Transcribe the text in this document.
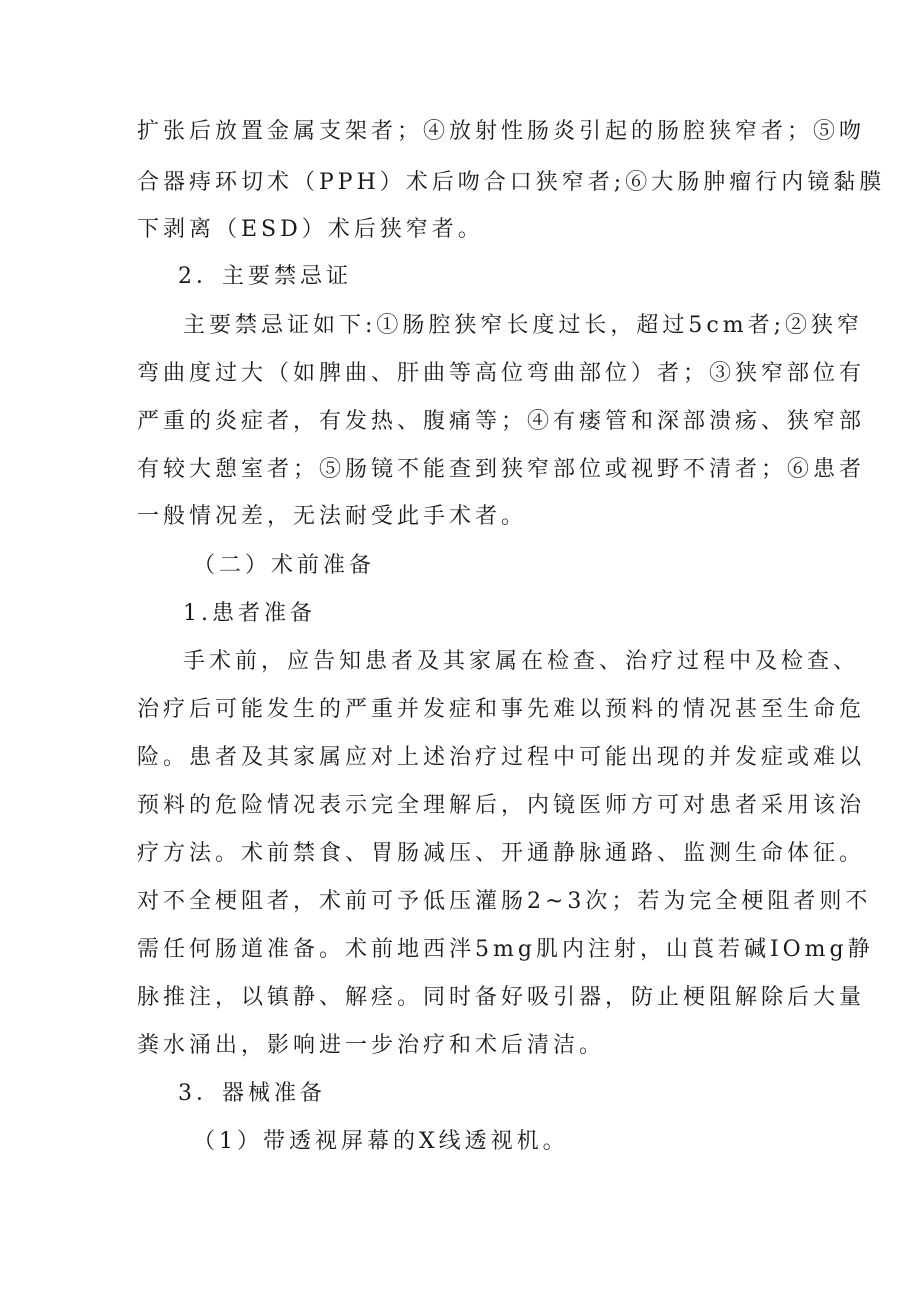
扩张后放置金属支架者；④放射性肠炎引起的肠腔狭窄者；⑤吻
合器痔环切术（PPH）术后吻合口狭窄者;⑥大肠肿瘤行内镜黏膜
下剥离（ESD）术后狭窄者。
2．主要禁忌证
主要禁忌证如下:①肠腔狭窄长度过长，超过5cm者;②狭窄
弯曲度过大（如脾曲、肝曲等高位弯曲部位）者；③狭窄部位有
严重的炎症者，有发热、腹痛等；④有瘘管和深部溃疡、狭窄部
有较大憩室者；⑤肠镜不能查到狭窄部位或视野不清者；⑥患者
一般情况差，无法耐受此手术者。
（二）术前准备
1.患者准备
手术前，应告知患者及其家属在检查、治疗过程中及检查、
治疗后可能发生的严重并发症和事先难以预料的情况甚至生命危
险。患者及其家属应对上述治疗过程中可能出现的并发症或难以
预料的危险情况表示完全理解后，内镜医师方可对患者采用该治
疗方法。术前禁食、胃肠减压、开通静脉通路、监测生命体征。
对不全梗阻者，术前可予低压灌肠2~3次；若为完全梗阻者则不
需任何肠道准备。术前地西泮5mg肌内注射，山莨若碱IOmg静
脉推注，以镇静、解痉。同时备好吸引器，防止梗阻解除后大量
粪水涌出，影响进一步治疗和术后清洁。
3．器械准备
（1）带透视屏幕的X线透视机。
